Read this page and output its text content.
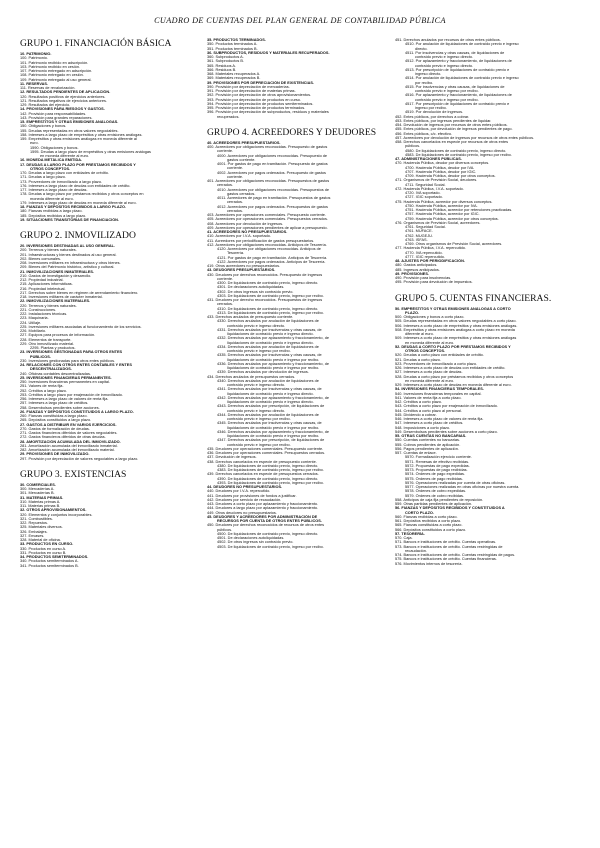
CUADRO DE CUENTAS DEL PLAN GENERAL DE CONTABILIDAD PÚBLICA
GRUPO 1. FINANCIACIÓN BÁSICA
10. PATRIMONIO.
100. Patrimonio.
101. Patrimonio recibido en adscripción.
103. Patrimonio recibido en cesión.
107. Patrimonio entregado en adscripción.
108. Patrimonio entregado en cesión.
109. Patrimonio entregado al uso general.
11. RESERVAS.
111. Reservas de revalorización.
12. RESULTADOS PENDIENTES DE APLICACIÓN.
120. Resultados positivos de ejercicios anteriores.
121. Resultados negativos de ejercicios anteriores.
129. Resultados del ejercicio.
14. PROVISIONES PARA RIESGOS Y GASTOS.
142. Provisión para responsabilidades.
143. Provisión para grandes reparaciones.
15. EMPRÉSTITOS Y OTRAS EMISIONES ANÁLOGAS.
150. Obligaciones y bonos.
155. Deudas representadas en otros valores negociables.
158. Intereses a largo plazo de empréstitos y otras emisiones análogas.
159. Empréstitos y otras emisiones análogas en moneda diferente al
euro.
1590. Obligaciones y bonos.
1595. Deudas a largo plazo de empréstitos y otras emisiones análogas
en moneda diferente al euro.
16. MONEDA METÁLICA EMITIDA.
17. DEUDAS A LARGO PLAZO POR PRÉSTAMOS RECIBIDOS Y
OTROS CONCEPTOS.
170. Deudas a largo plazo con entidades de crédito.
171. Deudas a largo plazo.
173. Proveedores de inmovilizado a largo plazo.
176. Intereses a largo plazo de deudas con entidades de crédito.
177. Intereses a largo plazo de deudas.
178. Deudas a largo plazo por préstamos recibidos y otros conceptos en
moneda diferente al euro.
179. Intereses a largo plazo de deudas en moneda diferente al euro.
18. FIANZAS Y DEPÓSITOS RECIBIDOS A LARGO PLAZO.
180. Fianzas recibidas a largo plazo.
185. Depósitos recibidos a largo plazo.
19. SITUACIONES TRANSITORIAS DE FINANCIACIÓN.
GRUPO 2. INMOVILIZADO
20. INVERSIONES DESTINADAS AL USO GENERAL.
200. Terrenos y bienes naturales.
201. Infraestructuras y bienes destinados al uso general.
202. Bienes comunales.
208. Inversiones militares en infraestructura y otros bienes.
209. Bienes del Patrimonio histórico, artístico y cultural.
21. INMOVILIZACIONES INMATERIALES.
210. Gastos de investigación y desarrollo.
212. Propiedad industrial.
215. Aplicaciones informáticas.
216. Propiedad intelectual.
217. Derechos sobre bienes en régimen de arrendamiento financiero.
218. Inversiones militares de carácter inmaterial.
22. INMOVILIZACIONES MATERIALES.
220. Terrenos y bienes naturales.
221. Construcciones.
222. Instalaciones técnicas.
223. Maquinaria.
224. Utillaje.
225. Inversiones militares asociadas al funcionamiento de los servicios.
226. Mobiliario.
227. Equipos para procesos de información.
228. Elementos de transporte.
229. Otro inmovilizado material.
2295. Plantas y productos.
23. INVERSIONES GESTIONADAS PARA OTROS ENTES
PÚBLICOS.
230. Inversiones gestionadas para otros entes públicos.
24. RELACIONES CON OTROS ENTES CONTABLES Y ENTES
DESCENTRALIZADOS.
240. Oficinas contables descentralizadas.
25. INVERSIONES FINANCIERAS PERMANENTES.
250. Inversiones financieras permanentes en capital.
251. Valores de renta fija.
252. Créditos a largo plazo.
253. Créditos a largo plazo por enajenación de inmovilizado.
256. Intereses a largo plazo de valores de renta fija.
257. Intereses a largo plazo de créditos.
258. Desembolsos pendientes sobre acciones.
26. FIANZAS Y DEPÓSITOS CONSTITUIDOS A LARGO PLAZO.
260. Fianzas constituidas a largo plazo.
265. Depósitos constituidos a largo plazo.
27. GASTOS A DISTRIBUIR EN VARIOS EJERCICIOS.
270. Gastos de formalización de deudas.
271. Gastos financieros diferidos de valores negociables.
272. Gastos financieros diferidos de otras deudas.
28. AMORTIZACIÓN ACUMULADA DEL INMOVILIZADO.
281. Amortización acumulada del inmovilizado inmaterial.
282. Amortización acumulada del inmovilizado material.
29. PROVISIONES DE INMOVILIZADO.
297. Provisión por depreciación de valores negociables a largo plazo.
GRUPO 3. EXISTENCIAS
30. COMERCIALES.
300. Mercaderías A.
301. Mercaderías B.
31. MATERIAS PRIMAS.
310. Materias primas A.
311. Materias primas B.
32. OTROS APROVISIONAMIENTOS.
320. Elementos y conjuntos incorporables.
321. Combustibles.
322. Repuestos.
325. Materiales diversos.
326. Embalajes.
327. Envases.
328. Material de oficina.
33. PRODUCTOS EN CURSO.
330. Productos en curso A.
331. Productos en curso B.
34. PRODUCTOS SEMITERMINADOS.
340. Productos semiterminados A.
341. Productos semiterminados B.
35. PRODUCTOS TERMINADOS.
350. Productos terminados A.
351. Productos terminados B.
36. SUBPRODUCTOS, RESIDUOS Y MATERIALES RECUPERADOS.
360. Subproductos A.
361. Subproductos B.
365. Residuos A.
366. Residuos B.
368. Materiales recuperados A.
369. Materiales recuperados B.
39. PROVISIONES POR DEPRECIACIÓN DE EXISTENCIAS.
390. Provisión por depreciación de mercaderías.
391. Provisión por depreciación de materias primas.
392. Provisión por depreciación de otros aprovisionamientos.
393. Provisión por depreciación de productos en curso.
394. Provisión por depreciación de productos semiterminados.
395. Provisión por depreciación de productos terminados.
396. Provisión por depreciación de subproductos, residuos y materiales
recuperados.
GRUPO 4. ACREEDORES Y DEUDORES
40. ACREEDORES PRESUPUESTARIOS.
400. Acreedores por obligaciones reconocidas. Presupuesto de gastos
corriente.
4000. Acreedores por obligaciones reconocidas. Presupuesto de
gastos corriente.
4001. Por gastos de pago en tramitación. Presupuesto de gastos
corriente.
4002. Acreedores por pagos ordenados. Presupuesto de gastos
corriente.
401. Acreedores por obligaciones reconocidas. Presupuestos de gastos
cerrados.
4010. Acreedores por obligaciones reconocidas. Presupuestos de
gastos cerrados.
4011. Acreedores de pago en tramitación. Presupuestos de gastos
cerrados.
4012. Acreedores por pagos ordenados. Presupuestos de gastos
cerrados.
403. Acreedores por operaciones comerciales. Presupuesto corriente.
405. Acreedores por operaciones comerciales. Presupuestos cerrados.
408. Acreedores por devolución de ingresos.
409. Acreedores por operaciones pendientes de aplicar a presupuesto.
41. ACREEDORES NO PRESUPUESTARIOS.
410. Acreedores por I.V.A. soportado.
411. Acreedores por periodificación de gastos presupuestarios.
412. Acreedores por obligaciones reconocidas. Anticipos de Tesorería.
4120. Acreedores por obligaciones reconocidas. Anticipos de
Tesorería.
4121. Por gastos de pago en tramitación. Anticipos de Tesorería.
4122. Acreedores por pagos ordenados. Anticipos de Tesorería.
419. Otros acreedores no presupuestarios.
43. DEUDORES PRESUPUESTARIOS.
430. Deudores por derechos reconocidos. Presupuesto de ingresos
corriente.
4300. De liquidaciones de contraído previo, ingreso directo.
4301. De declaraciones autoliquidadas.
4302. De otros ingresos sin contraído previo.
4303. De liquidaciones de contraído previo, ingreso por recibo.
431. Deudores por derecho reconocidos. Presupuestos de ingresos
cerrados.
4310. De liquidaciones de contraído previo, ingreso directo.
4313. De liquidaciones de contraído previo, ingreso por recibo.
433. Derechos anulados de presupuesto corriente.
4330. Derechos anulados por anulación de liquidaciones de
contraído previo e ingreso directo.
4331. Derechos anulados por insolvencias y otras causas, de
liquidaciones de contraído previo e ingreso directo.
4332. Derechos anulados por aplazamiento y fraccionamiento, de
liquidaciones de contraído previo e ingreso directo.
4334. Derechos anulados por anulación de liquidaciones de
contraído previo e ingreso por recibo.
4335. Derechos anulados por insolvencias y otras causas, de
liquidaciones de contraído previo e ingreso por recibo.
4336. Derechos anulados por aplazamiento y fraccionamiento, de
liquidaciones de contraído previo e ingreso por recibo.
4339. Derechos anulados por devolución de ingresos.
434. Derechos anulados de presupuestos cerrados.
4340. Derechos anulados por anulación de liquidaciones de
contraído previo e ingreso directo.
4341. Derechos anulados por insolvencias y otras causas, de
liquidaciones de contraído previo e ingreso directo.
4342. Derechos anulados por aplazamiento y fraccionamiento, de
liquidaciones de contraído previo e ingreso directo.
4343. Derechos anulados por prescripción, de liquidaciones de
contraído previo e ingreso directo.
4344. Derechos anulados por anulación de liquidaciones de
contraído previo e ingreso por recibo.
4345. Derechos anulados por insolvencias y otras causas, de
liquidaciones de contraído previo e ingreso por recibo.
4346. Derechos anulados por aplazamiento y fraccionamiento, de
liquidaciones de contraído previo e ingreso por recibo.
4347. Derechos anulados por prescripción, de liquidaciones de
contraído previo e ingreso por recibo.
435. Deudores por operaciones comerciales. Presupuesto corriente.
436. Deudores por operaciones comerciales. Presupuestos cerrados.
437. Devolución de ingresos.
438. Derechos cancelados en especie de presupuesto corriente.
4380. De liquidaciones de contraído previo, ingreso directo.
4383. De liquidaciones de contraído previo, ingreso por recibo.
439. Derechos cancelados en especie de presupuestos cerrados.
4390. De liquidaciones de contraído previo, ingreso directo.
4393. De liquidaciones de contraído previo, ingreso por recibo.
44. DEUDORES NO PRESUPUESTARIOS.
440. Deudores por I.V.A. repercutido.
441. Deudores por provisiones de fondos a justificar.
442. Deudores por servicio de recaudación.
443. Deudores a corto plazo por aplazamiento y fraccionamiento.
444. Deudores a largo plazo por aplazamiento y fraccionamiento.
449. Otros deudores no presupuestarios.
45. DEUDORES Y ACREEDORES POR ADMINISTRACIÓN DE
RECURSOS POR CUENTA DE OTROS ENTES PÚBLICOS.
450. Deudores por derechos reconocidos de recursos de otros entes
públicos.
4500. De liquidaciones de contraído previo, ingreso directo.
4501. De declaraciones autoliquidadas.
4502. De otros ingresos sin contraído previo.
4503. De liquidaciones de contraído previo, ingreso por recibo.
451. Derechos anulados por recursos de otros entes públicos.
4510. Por anulación de liquidaciones de contraído previo e ingreso
directo.
4511. Por insolvencias y otras causas, de liquidaciones de
contraído previo e ingreso directo.
4512. Por aplazamiento y fraccionamiento, de liquidaciones de
contraído previo e ingreso directo.
4513. Por prescripción de liquidaciones de contraído previo e
ingreso directo.
4514. Por anulación de liquidaciones de contraído previo e ingreso
por recibo.
4515. Por insolvencias y otras causas, de liquidaciones de
contraído previo e ingreso por recibo.
4516. Por aplazamiento y fraccionamiento, de liquidaciones de
contraído previo e ingreso por recibo.
4517. Por prescripción de liquidaciones de contraído previo e
ingreso por recibo.
4519. Por devolución de ingresos.
452. Entes públicos, por derechos a cobrar.
453. Entes públicos, por ingresos pendientes de liquidar.
454. Devolución de ingresos por recursos de otros entes públicos.
455. Entes públicos, por devolución de ingresos pendientes de pago.
456. Entes públicos, c/c. efectivo.
457. Acreedores por devolución de ingresos por recursos de otros entes públicos.
458. Derechos cancelados en especie por recursos de otros entes
públicos.
4580. De liquidaciones de contraído previo, ingreso directo.
4583. De liquidaciones de contraído previo, ingreso por recibo.
47. ADMINISTRACIONES PÚBLICAS.
470. Hacienda Pública, deudor por diversos conceptos.
4700. Hacienda Pública, deudor por IVA.
4707. Hacienda Pública, deudor por IGIC.
4709. Hacienda Pública, deudor por otros conceptos.
471. Organismos de Previsión Social, deudores.
4711. Seguridad Social.
472. Hacienda Pública, I.V.A. soportado.
4720. IVA soportado.
4727. IGIC soportado.
475. Hacienda Pública, acreedor por diversos conceptos.
4750. Hacienda Pública, acreedor por IVA.
4751. Hacienda Pública, acreedor por retenciones practicadas.
4757. Hacienda Pública, acreedor por IGIC.
4759. Hacienda Pública, acreedor por otros conceptos.
476. Organismos de Previsión Social, acreedores.
4761. Seguridad Social.
4761. MUFACE.
4762. MUGEJU.
4763. ISFAS.
4769. Otros organismos de Previsión Social, acreedores.
477. Hacienda Pública, I.V.A. repercutido.
4770. IVA repercutido.
4777. IGIC repercutido.
48. AJUSTES POR PERIODIFICACIÓN.
480. Gastos anticipados.
485. Ingresos anticipados.
49. PROVISIONES.
490. Provisión para insolvencias.
495. Provisión para devolución de impuestos.
GRUPO 5. CUENTAS FINANCIERAS.
50. EMPRÉSTITOS Y OTRAS EMISIONES ANÁLOGAS A CORTO
PLAZO.
500. Obligaciones y bonos a corto plazo.
505. Deudas representadas en otros valores negociables a corto plazo.
506. Intereses a corto plazo de empréstitos y otras emisiones análogas.
508. Empréstitos y otras emisiones análogas a corto plazo en moneda
diferente al euro.
509. Intereses a corto plazo de empréstitos y otras emisiones análogas
en moneda diferente al euro.
52. DEUDAS A CORTO PLAZO POR PRÉSTAMOS RECIBIDOS Y
OTROS CONCEPTOS.
520. Deudas a corto plazo con entidades de crédito.
521. Deudas a corto plazo.
523. Proveedores de inmovilizado a corto plazo.
526. Intereses a corto plazo de deudas con entidades de crédito.
527. Intereses a corto plazo de deudas.
528. Deudas a corto plazo por préstamos recibidos y otros conceptos
en moneda diferente al euro.
529. Intereses a corto plazo de deudas en moneda diferente al euro.
54. INVERSIONES FINANCIERAS TEMPORALES.
540. Inversiones financieras temporales en capital.
541. Valores de renta fija a corto plazo.
542. Créditos a corto plazo.
543. Créditos a corto plazo por enajenación de inmovilizado.
544. Créditos a corto plazo al personal.
545. Dividendo a cobrar.
546. Intereses a corto plazo de valores de renta fija.
547. Intereses a corto plazo de créditos.
548. Imposiciones a corto plazo.
549. Desembolsos pendientes sobre acciones a corto plazo.
55. OTRAS CUENTAS NO BANCARIAS.
550. Cuentas corrientes no bancarias.
555. Cobros pendientes de aplicación.
556. Pagos pendientes de aplicación.
557. Cuentas de enlace.
5570. Formalización ejercicio corriente.
5571. Remesas de efectivo recibidas.
5572. Propuestas de pago expedidas.
5573. Propuestas de pago recibidas.
5574. Órdenes de pago expedidas.
5575. Órdenes de pago recibidas.
5576. Operaciones realizadas por cuenta de otras oficinas.
5577. Operaciones realizadas en otras oficinas por nuestra cuenta.
5578. Órdenes de cobro expedidas.
5579. Órdenes de cobro recibidas.
558. Anticipos de caja fija pendientes de reposición.
559. Otras partidas pendientes de aplicación.
56. FIANZAS Y DEPÓSITOS RECIBIDOS Y CONSTITUIDOS A
CORTO PLAZO.
560. Fianzas recibidas a corto plazo.
561. Depósitos recibidos a corto plazo.
565. Fianzas constituidas a corto plazo.
566. Depósitos constituidos a corto plazo.
57. TESORERÍA.
570. Caja.
571. Bancos e instituciones de crédito. Cuentas operativas.
573. Bancos e instituciones de crédito. Cuentas restringidas de
recaudación.
574. Bancos e instituciones de crédito. Cuentas restringidas de pagos.
575. Bancos e instituciones de crédito. Cuentas financieras.
576. Movimientos internos de tesorería.
